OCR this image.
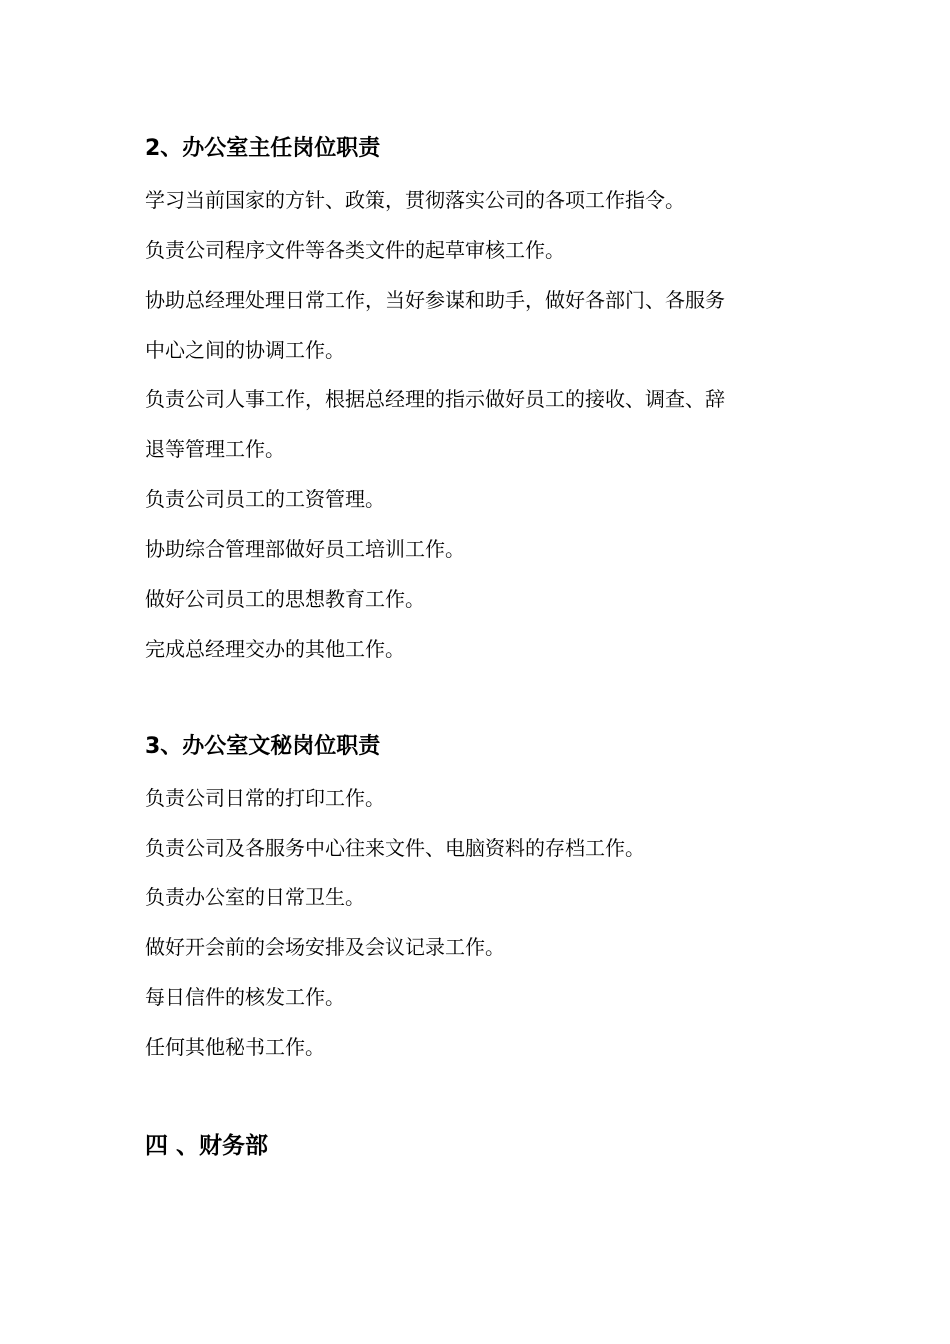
2、办公室主任岗位职责
学习当前国家的方针、政策，贯彻落实公司的各项工作指令。
负责公司程序文件等各类文件的起草审核工作。
协助总经理处理日常工作，当好参谋和助手，做好各部门、各服务
中心之间的协调工作。
负责公司人事工作，根据总经理的指示做好员工的接收、调查、辞
退等管理工作。
负责公司员工的工资管理。
协助综合管理部做好员工培训工作。
做好公司员工的思想教育工作。
完成总经理交办的其他工作。
3、办公室文秘岗位职责
负责公司日常的打印工作。
负责公司及各服务中心往来文件、电脑资料的存档工作。
负责办公室的日常卫生。
做好开会前的会场安排及会议记录工作。
每日信件的核发工作。
任何其他秘书工作。
四 、财务部
